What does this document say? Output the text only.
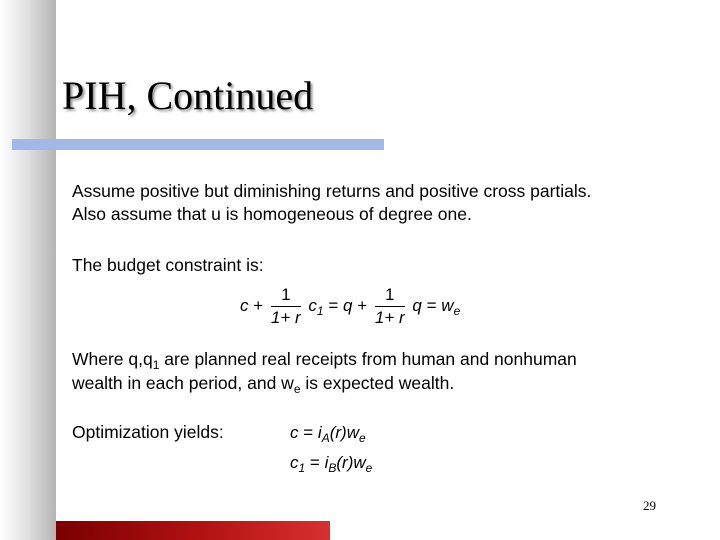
PIH, Continued
Assume positive but diminishing returns and positive cross partials.
Also assume that u is homogeneous of degree one.
The budget constraint is:
$c + \frac{1}{1+ r} c_1 = q + \frac{1}{1+ r}$ $q = w_e$
Where $q,q_1$ are planned real receipts from human and nonhuman
wealth in each period, and $w_e$ is expected wealth.
Optimization yields:	$c = i_A(r)w_e$
$c_1 = i_B(r)w_e$
29
